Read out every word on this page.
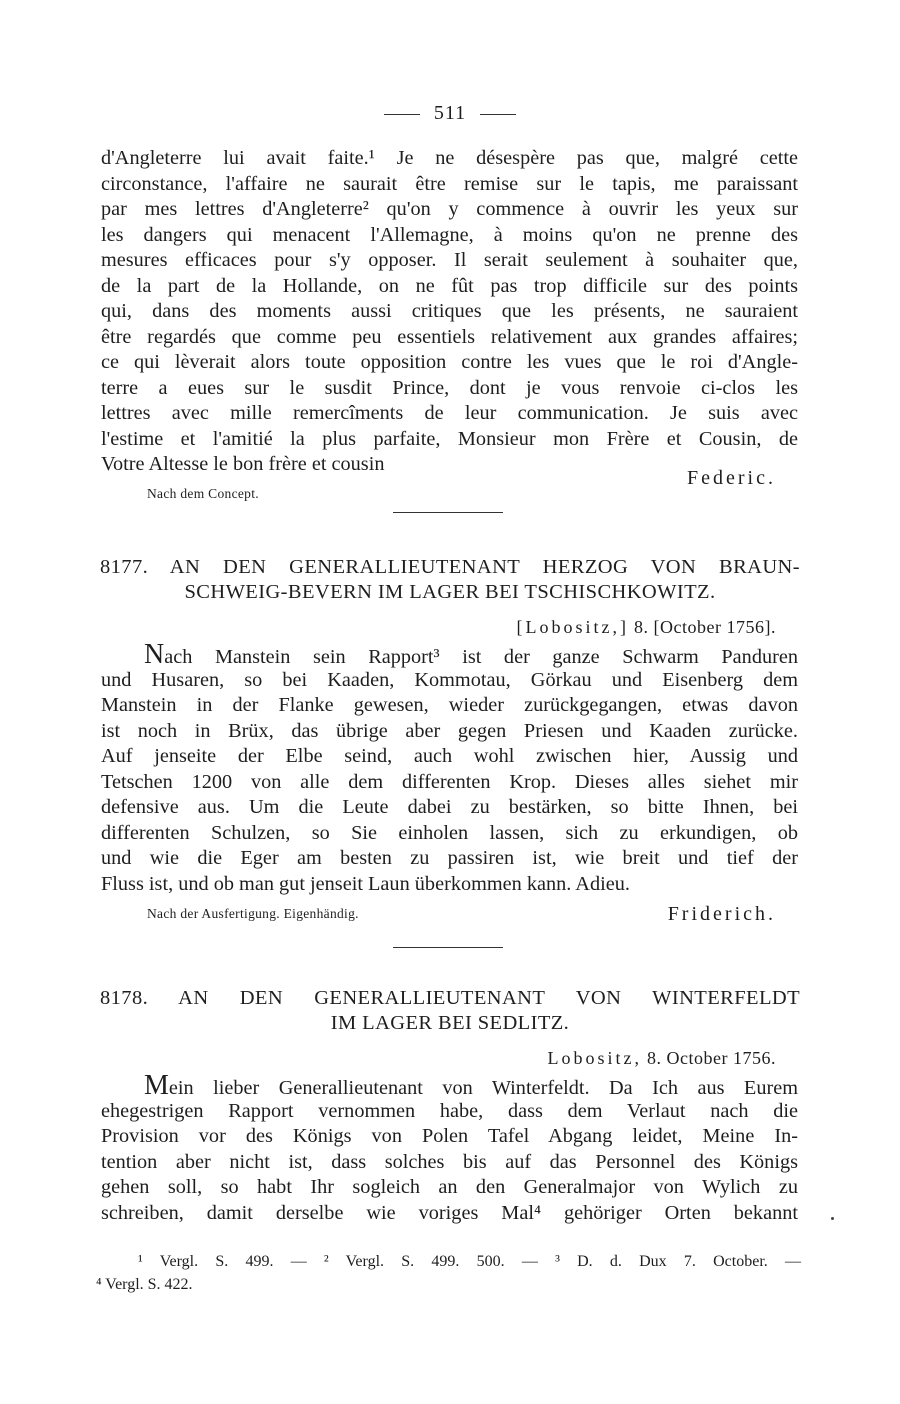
511
d'Angleterre lui avait faite.¹ Je ne désespère pas que, malgré cette
circonstance, l'affaire ne saurait être remise sur le tapis, me paraissant
par mes lettres d'Angleterre² qu'on y commence à ouvrir les yeux sur
les dangers qui menacent l'Allemagne, à moins qu'on ne prenne des
mesures efficaces pour s'y opposer. Il serait seulement à souhaiter que,
de la part de la Hollande, on ne fût pas trop difficile sur des points
qui, dans des moments aussi critiques que les présents, ne sauraient
être regardés que comme peu essentiels relativement aux grandes affaires;
ce qui lèverait alors toute opposition contre les vues que le roi d'Angle-
terre a eues sur le susdit Prince, dont je vous renvoie ci-clos les
lettres avec mille remercîments de leur communication. Je suis avec
l'estime et l'amitié la plus parfaite, Monsieur mon Frère et Cousin, de
Votre Altesse le bon frère et cousin
Federic.
Nach dem Concept.
8177. AN DEN GENERALLIEUTENANT HERZOG VON BRAUN-
SCHWEIG-BEVERN IM LAGER BEI TSCHISCHKOWITZ.
[Lobositz,] 8. [October 1756].
Nach Manstein sein Rapport³ ist der ganze Schwarm Panduren
und Husaren, so bei Kaaden, Kommotau, Görkau und Eisenberg dem
Manstein in der Flanke gewesen, wieder zurückgegangen, etwas davon
ist noch in Brüx, das übrige aber gegen Priesen und Kaaden zurücke.
Auf jenseite der Elbe seind, auch wohl zwischen hier, Aussig und
Tetschen 1200 von alle dem differenten Krop. Dieses alles siehet mir
defensive aus. Um die Leute dabei zu bestärken, so bitte Ihnen, bei
differenten Schulzen, so Sie einholen lassen, sich zu erkundigen, ob
und wie die Eger am besten zu passiren ist, wie breit und tief der
Fluss ist, und ob man gut jenseit Laun überkommen kann. Adieu.
Nach der Ausfertigung. Eigenhändig.	Friderich.
8178. AN DEN GENERALLIEUTENANT VON WINTERFELDT
IM LAGER BEI SEDLITZ.
Lobositz, 8. October 1756.
Mein lieber Generallieutenant von Winterfeldt. Da Ich aus Eurem
ehegestrigen Rapport vernommen habe, dass dem Verlaut nach die
Provision vor des Königs von Polen Tafel Abgang leidet, Meine In-
tention aber nicht ist, dass solches bis auf das Personnel des Königs
gehen soll, so habt Ihr sogleich an den Generalmajor von Wylich zu
schreiben, damit derselbe wie voriges Mal⁴ gehöriger Orten bekannt
¹ Vergl. S. 499. — ² Vergl. S. 499. 500. — ³ D. d. Dux 7. October. —
⁴ Vergl. S. 422.
